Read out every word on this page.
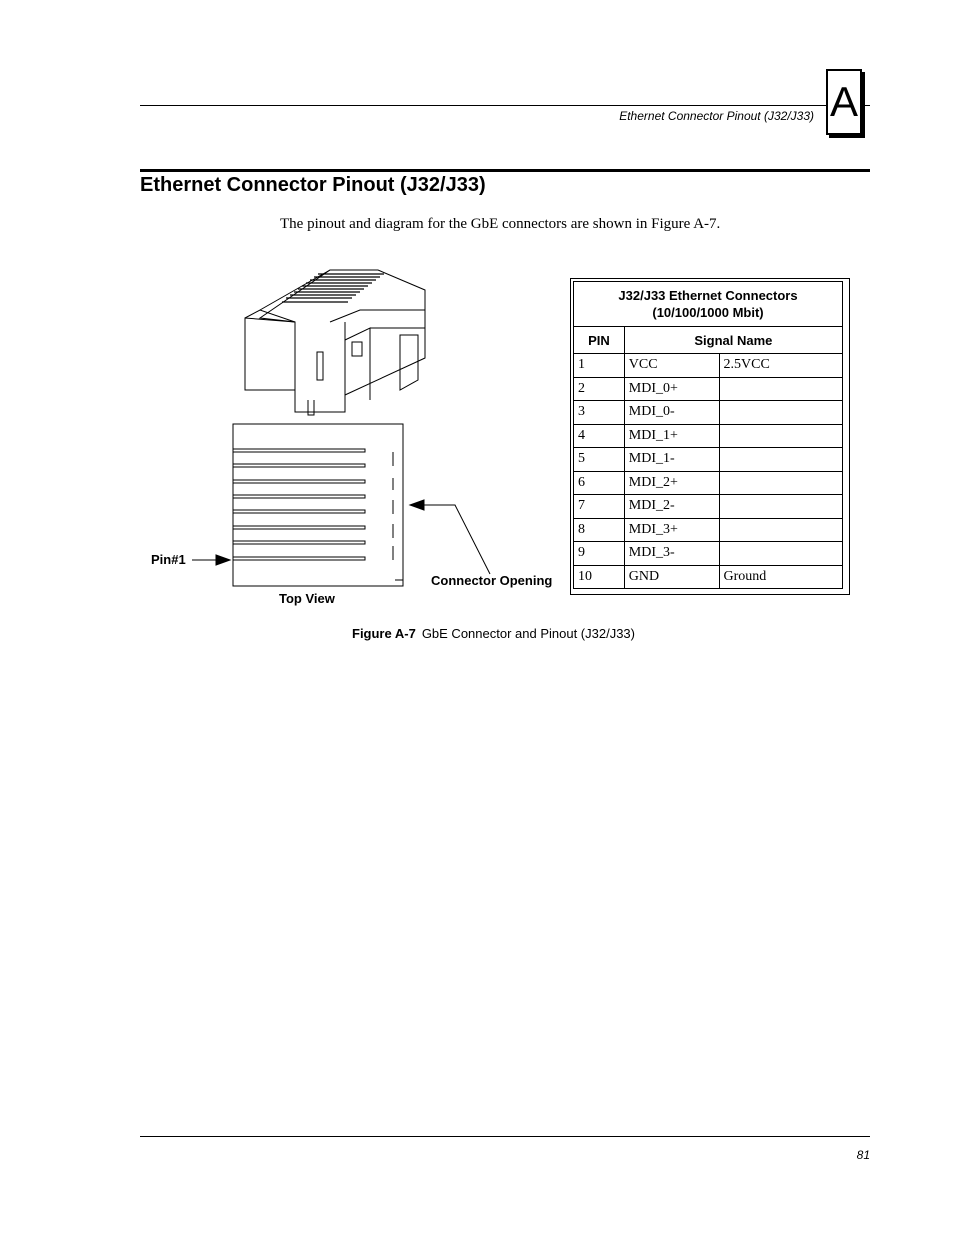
Ethernet Connector Pinout (J32/J33) A
Ethernet Connector Pinout (J32/J33)
The pinout and diagram for the GbE connectors are shown in Figure A-7.
Pin#1
Top View
Connector Opening
J32/J33 Ethernet Connectors
(10/100/1000 Mbit)		
PIN	Signal Name	
1	VCC	2.5VCC
2	MDI_0+	
3	MDI_0-	
4	MDI_1+	
5	MDI_1-	
6	MDI_2+	
7	MDI_2-	
8	MDI_3+	
9	MDI_3-	
10	GND	Ground
Figure A-7 GbE Connector and Pinout (J32/J33)
81
